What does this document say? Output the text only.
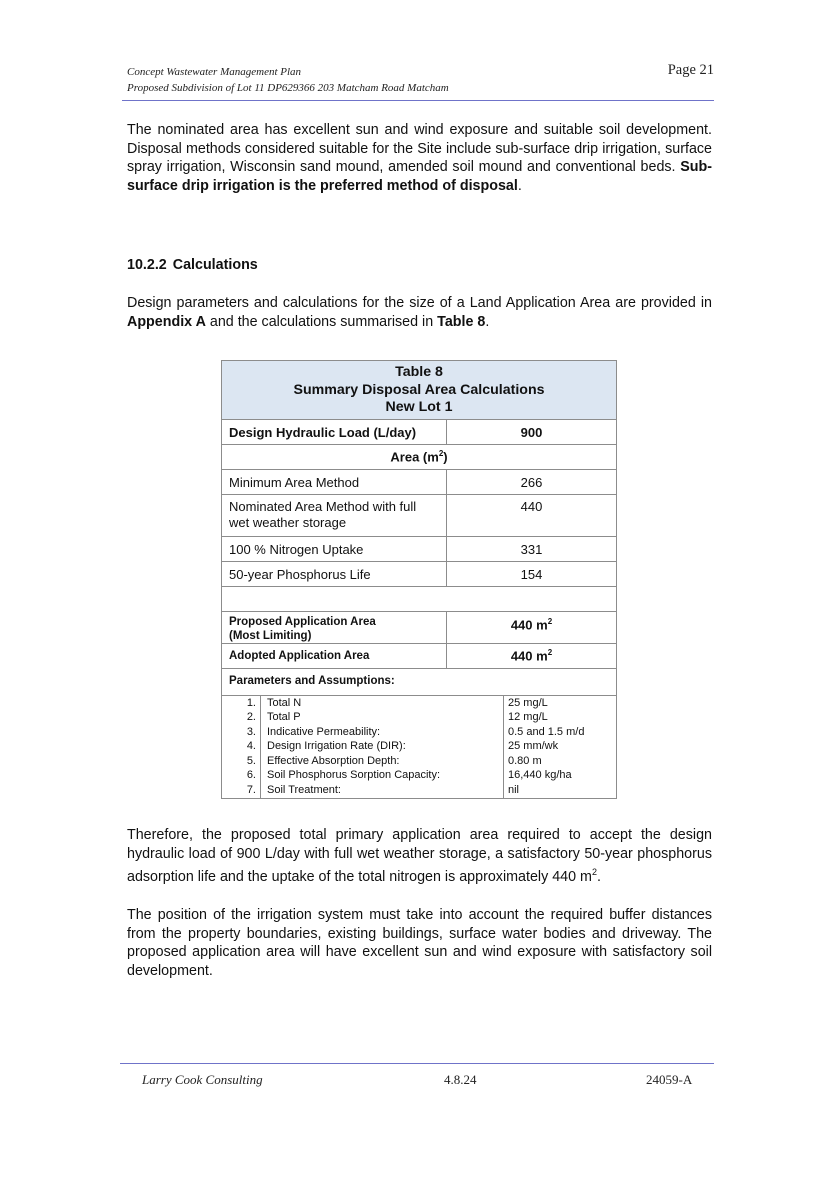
Concept Wastewater Management Plan
Proposed Subdivision of Lot 11 DP629366 203 Matcham Road Matcham
Page 21
The nominated area has excellent sun and wind exposure and suitable soil development. Disposal methods considered suitable for the Site include sub-surface drip irrigation, surface spray irrigation, Wisconsin sand mound, amended soil mound and conventional beds. Sub-surface drip irrigation is the preferred method of disposal.
10.2.2 Calculations
Design parameters and calculations for the size of a Land Application Area are provided in Appendix A and the calculations summarised in Table 8.
Table 8
Summary Disposal Area Calculations
New Lot 1

Design Hydraulic Load (L/day)	900
Area $(m^2)$
Minimum Area Method	266
Nominated Area Method with full wet weather storage	440
100 % Nitrogen Uptake	331
50-year Phosphorus Life	154

Proposed Application Area
(Most Limiting)
	440 $m^2$
Adopted Application Area	440 $m^2$
Parameters and Assumptions:

1.	Total N	25 mg/L
2.	Total P	12 mg/L
3.	Indicative Permeability:	0.5 and 1.5 m/d
4.	Design Irrigation Rate (DIR):	25 mm/wk
5.	Effective Absorption Depth:	0.80 m
6.	Soil Phosphorus Sorption Capacity:	16,440 kg/ha
7.	Soil Treatment:	nil
Therefore, the proposed total primary application area required to accept the design hydraulic load of 900 L/day with full wet weather storage, a satisfactory 50-year phosphorus adsorption life and the uptake of the total nitrogen is approximately 440 $m^2$.
The position of the irrigation system must take into account the required buffer distances from the property boundaries, existing buildings, surface water bodies and driveway. The proposed application area will have excellent sun and wind exposure with satisfactory soil development.
Larry Cook Consulting	4.8.24	24059-A
